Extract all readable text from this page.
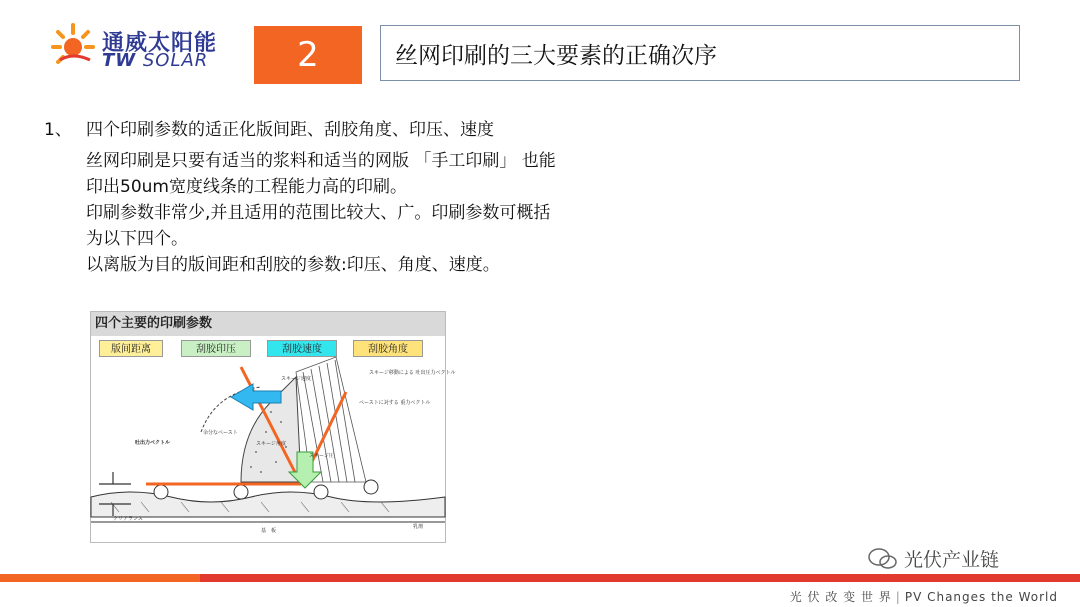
通威太阳能
TW SOLAR	2	丝网印刷的三大要素的正确次序
1、 四个印刷参数的适正化版间距、刮胶角度、印压、速度
丝网印刷是只要有适当的浆料和适当的网版 「手工印刷」 也能
印出50um宽度线条的工程能力高的印刷。
印刷参数非常少,并且适用的范围比较大、广。印刷参数可概括
为以下四个。
以离版为目的版间距和刮胶的参数:印压、角度、速度。
四个主要的印刷参数
版间距离	刮胶印压	刮胶速度	刮胶角度
スキージ速度
スキージ移動による 吐出圧力ベクトル
ペーストに対する 重力ベクトル
余分なペースト
スキージ角度
吐出力ベクトル
スキージ圧
クリアランス
基　板
乳剤
光伏产业链
光 伏 改 变 世 界 | PV Changes the World
